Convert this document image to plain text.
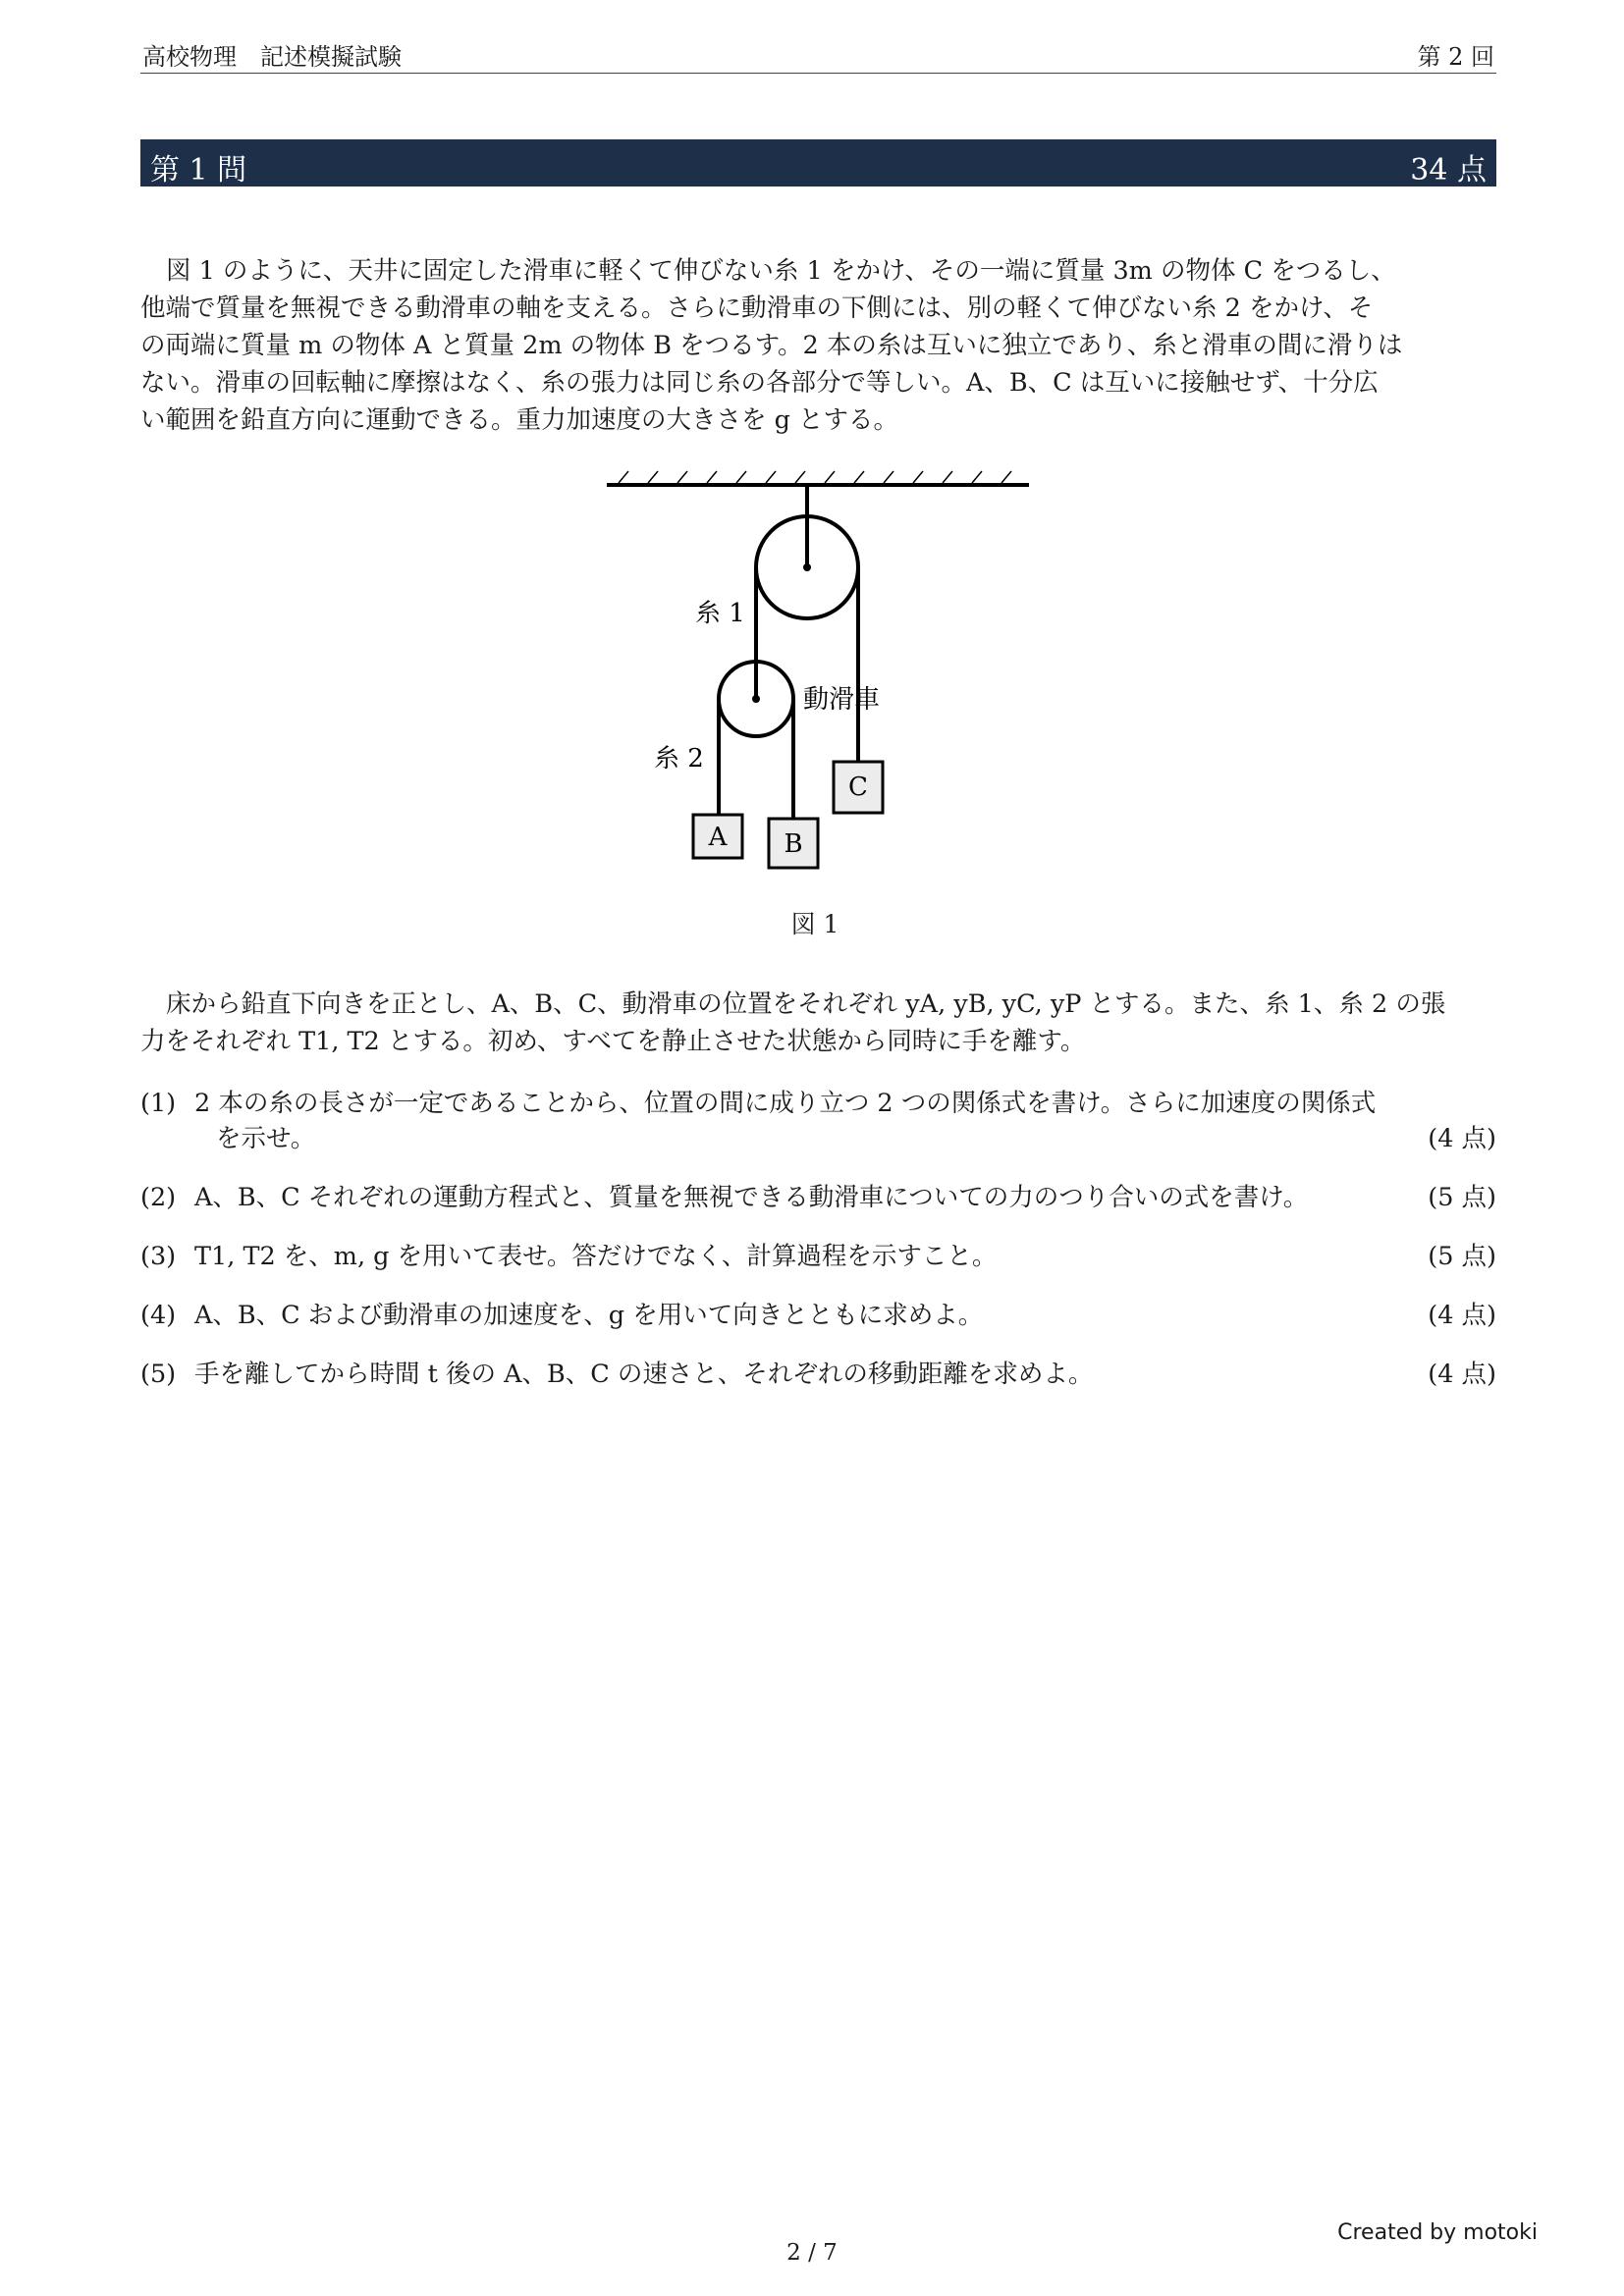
高校物理　記述模擬試験	第 2 回
第 1 問	34 点
図 1 のように、天井に固定した滑車に軽くて伸びない糸 1 をかけ、その一端に質量 3m の物体 C をつるし、
他端で質量を無視できる動滑車の軸を支える。さらに動滑車の下側には、別の軽くて伸びない糸 2 をかけ、そ
の両端に質量 m の物体 A と質量 2m の物体 B をつるす。2 本の糸は互いに独立であり、糸と滑車の間に滑りは
ない。滑車の回転軸に摩擦はなく、糸の張力は同じ糸の各部分で等しい。A、B、C は互いに接触せず、十分広
い範囲を鉛直方向に運動できる。重力加速度の大きさを g とする。
A B
C
糸 1
糸 2
動滑車
図 1
床から鉛直下向きを正とし、A、B、C、動滑車の位置をそれぞれ yA, yB, yC, yP とする。また、糸 1、糸 2 の張
力をそれぞれ T1, T2 とする。初め、すべてを静止させた状態から同時に手を離す。
(1) 2 本の糸の長さが一定であることから、位置の間に成り立つ 2 つの関係式を書け。さらに加速度の関係式
を示せ。	(4 点)
(2) A、B、C それぞれの運動方程式と、質量を無視できる動滑車についての力のつり合いの式を書け。	(5 点)
(3) T1, T2 を、m, g を用いて表せ。答だけでなく、計算過程を示すこと。	(5 点)
(4) A、B、C および動滑車の加速度を、g を用いて向きとともに求めよ。	(4 点)
(5) 手を離してから時間 t 後の A、B、C の速さと、それぞれの移動距離を求めよ。	(4 点)
2 / 7
Created by motoki
